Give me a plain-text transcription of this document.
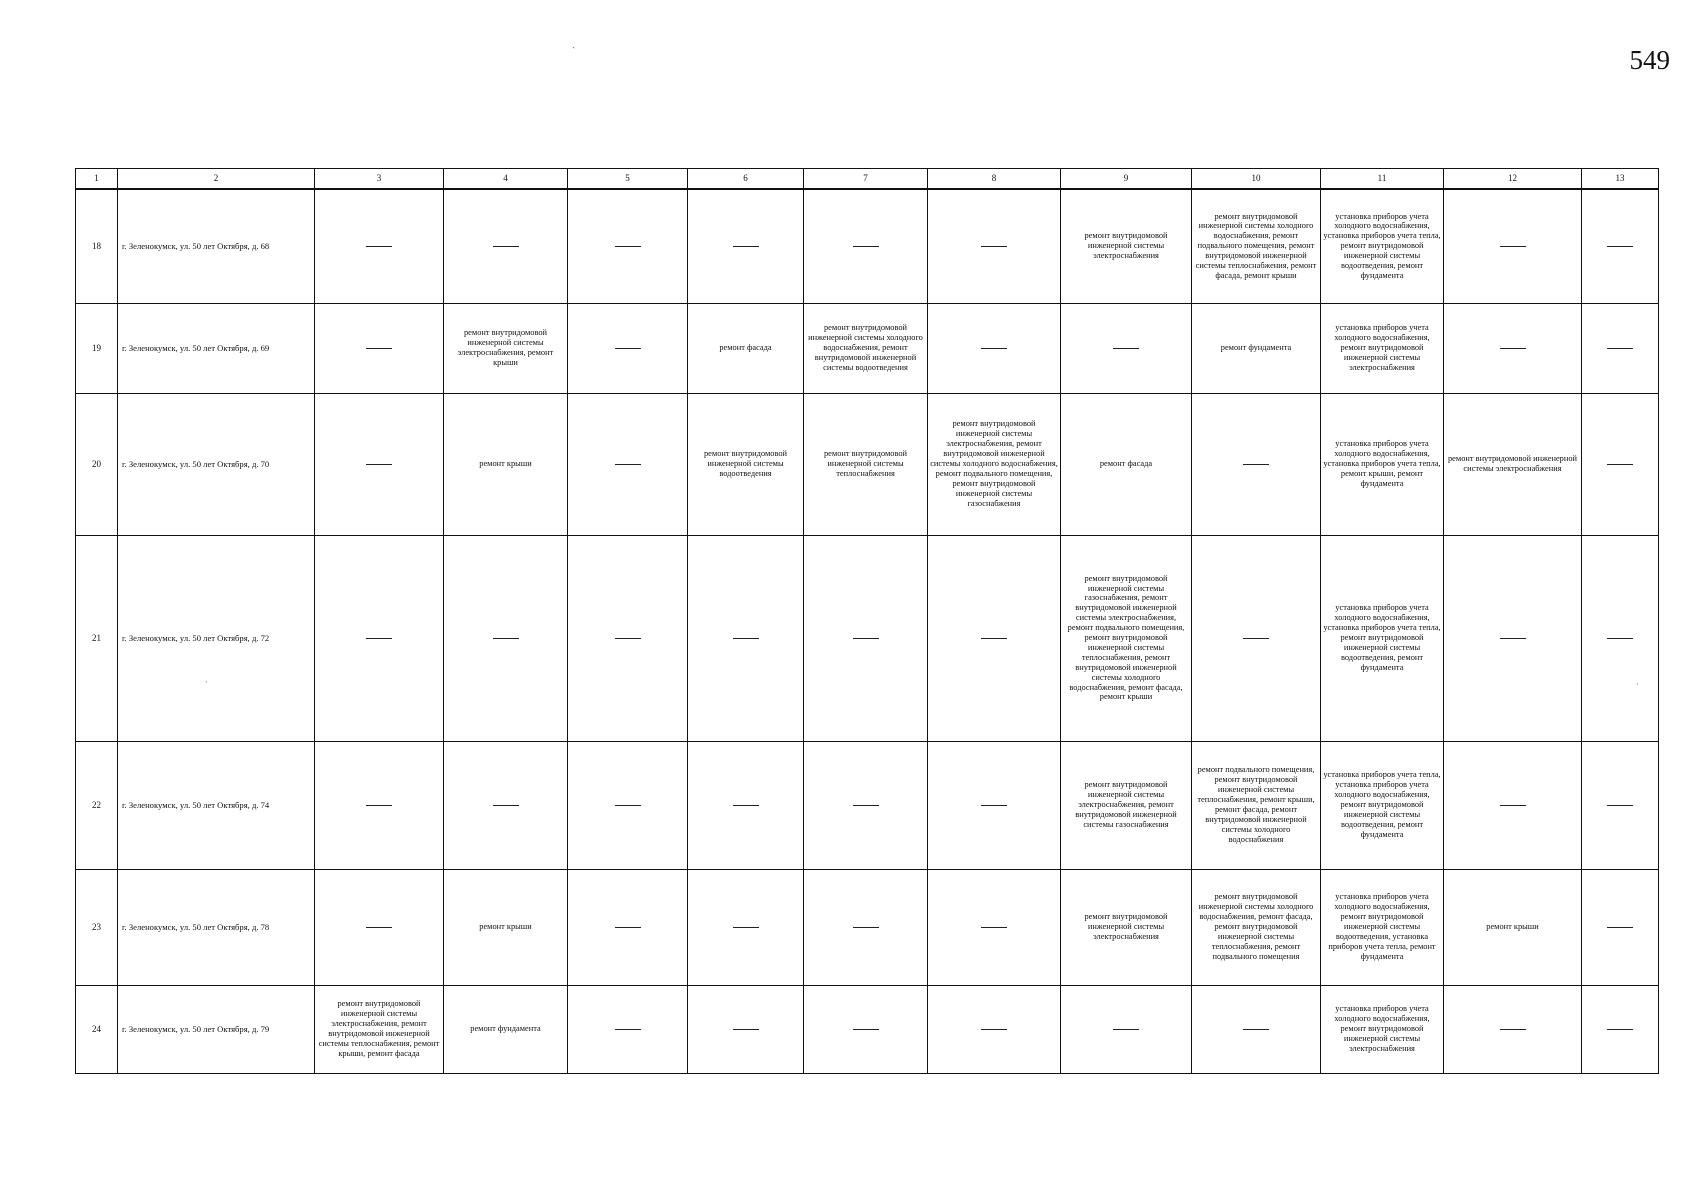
549
ˎ
·	·
1	2	3	4	5	6	7	8	9	10	11	12	13
18	г. Зеленокумск, ул. 50 лет Октября, д. 68							ремонт внутридомовой инженерной системы электроснабжения	ремонт внутридомовой инженерной системы холодного водоснабжения, ремонт подвального помещения, ремонт внутридомовой инженерной системы теплоснабжения, ремонт фасада, ремонт крыши	установка приборов учета холодного водоснабжения, установка приборов учета тепла, ремонт внутридомовой инженерной системы водоотведения, ремонт фундамента		

19	г. Зеленокумск, ул. 50 лет Октября, д. 69		ремонт внутридомовой инженерной системы электроснабжения, ремонт крыши		ремонт фасада	ремонт внутридомовой инженерной системы холодного водоснабжения, ремонт внутридомовой инженерной системы водоотведения			ремонт фундамента	установка приборов учета холодного водоснабжения, ремонт внутридомовой инженерной системы электроснабжения		

20	г. Зеленокумск, ул. 50 лет Октября, д. 70		ремонт крыши		ремонт внутридомовой инженерной системы водоотведения	ремонт внутридомовой инженерной системы теплоснабжения	ремонт внутридомовой инженерной системы электроснабжения, ремонт внутридомовой инженерной системы холодного водоснабжения, ремонт подвального помещения, ремонт внутридомовой инженерной системы газоснабжения	ремонт фасада		установка приборов учета холодного водоснабжения, установка приборов учета тепла, ремонт крыши, ремонт фундамента	ремонт внутридомовой инженерной системы электроснабжения	

21	г. Зеленокумск, ул. 50 лет Октября, д. 72							ремонт внутридомовой инженерной системы газоснабжения, ремонт внутридомовой инженерной системы электроснабжения, ремонт подвального помещения, ремонт внутридомовой инженерной системы теплоснабжения, ремонт внутридомовой инженерной системы холодного водоснабжения, ремонт фасада, ремонт крыши		установка приборов учета холодного водоснабжения, установка приборов учета тепла, ремонт внутридомовой инженерной системы водоотведения, ремонт фундамента		

22	г. Зеленокумск, ул. 50 лет Октября, д. 74							ремонт внутридомовой инженерной системы электроснабжения, ремонт внутридомовой инженерной системы газоснабжения	ремонт подвального помещения, ремонт внутридомовой инженерной системы теплоснабжения, ремонт крыши, ремонт фасада, ремонт внутридомовой инженерной системы холодного водоснабжения	установка приборов учета тепла, установка приборов учета холодного водоснабжения, ремонт внутридомовой инженерной системы водоотведения, ремонт фундамента		

23	г. Зеленокумск, ул. 50 лет Октября, д. 78		ремонт крыши					ремонт внутридомовой инженерной системы электроснабжения	ремонт внутридомовой инженерной системы холодного водоснабжения, ремонт фасада, ремонт внутридомовой инженерной системы теплоснабжения, ремонт подвального помещения	установка приборов учета холодного водоснабжения, ремонт внутридомовой инженерной системы водоотведения, установка приборов учета тепла, ремонт фундамента	ремонт крыши	

24	г. Зеленокумск, ул. 50 лет Октября, д. 79	ремонт внутридомовой инженерной системы электроснабжения, ремонт внутридомовой инженерной системы теплоснабжения, ремонт крыши, ремонт фасада	ремонт фундамента							установка приборов учета холодного водоснабжения, ремонт внутридомовой инженерной системы электроснабжения		
